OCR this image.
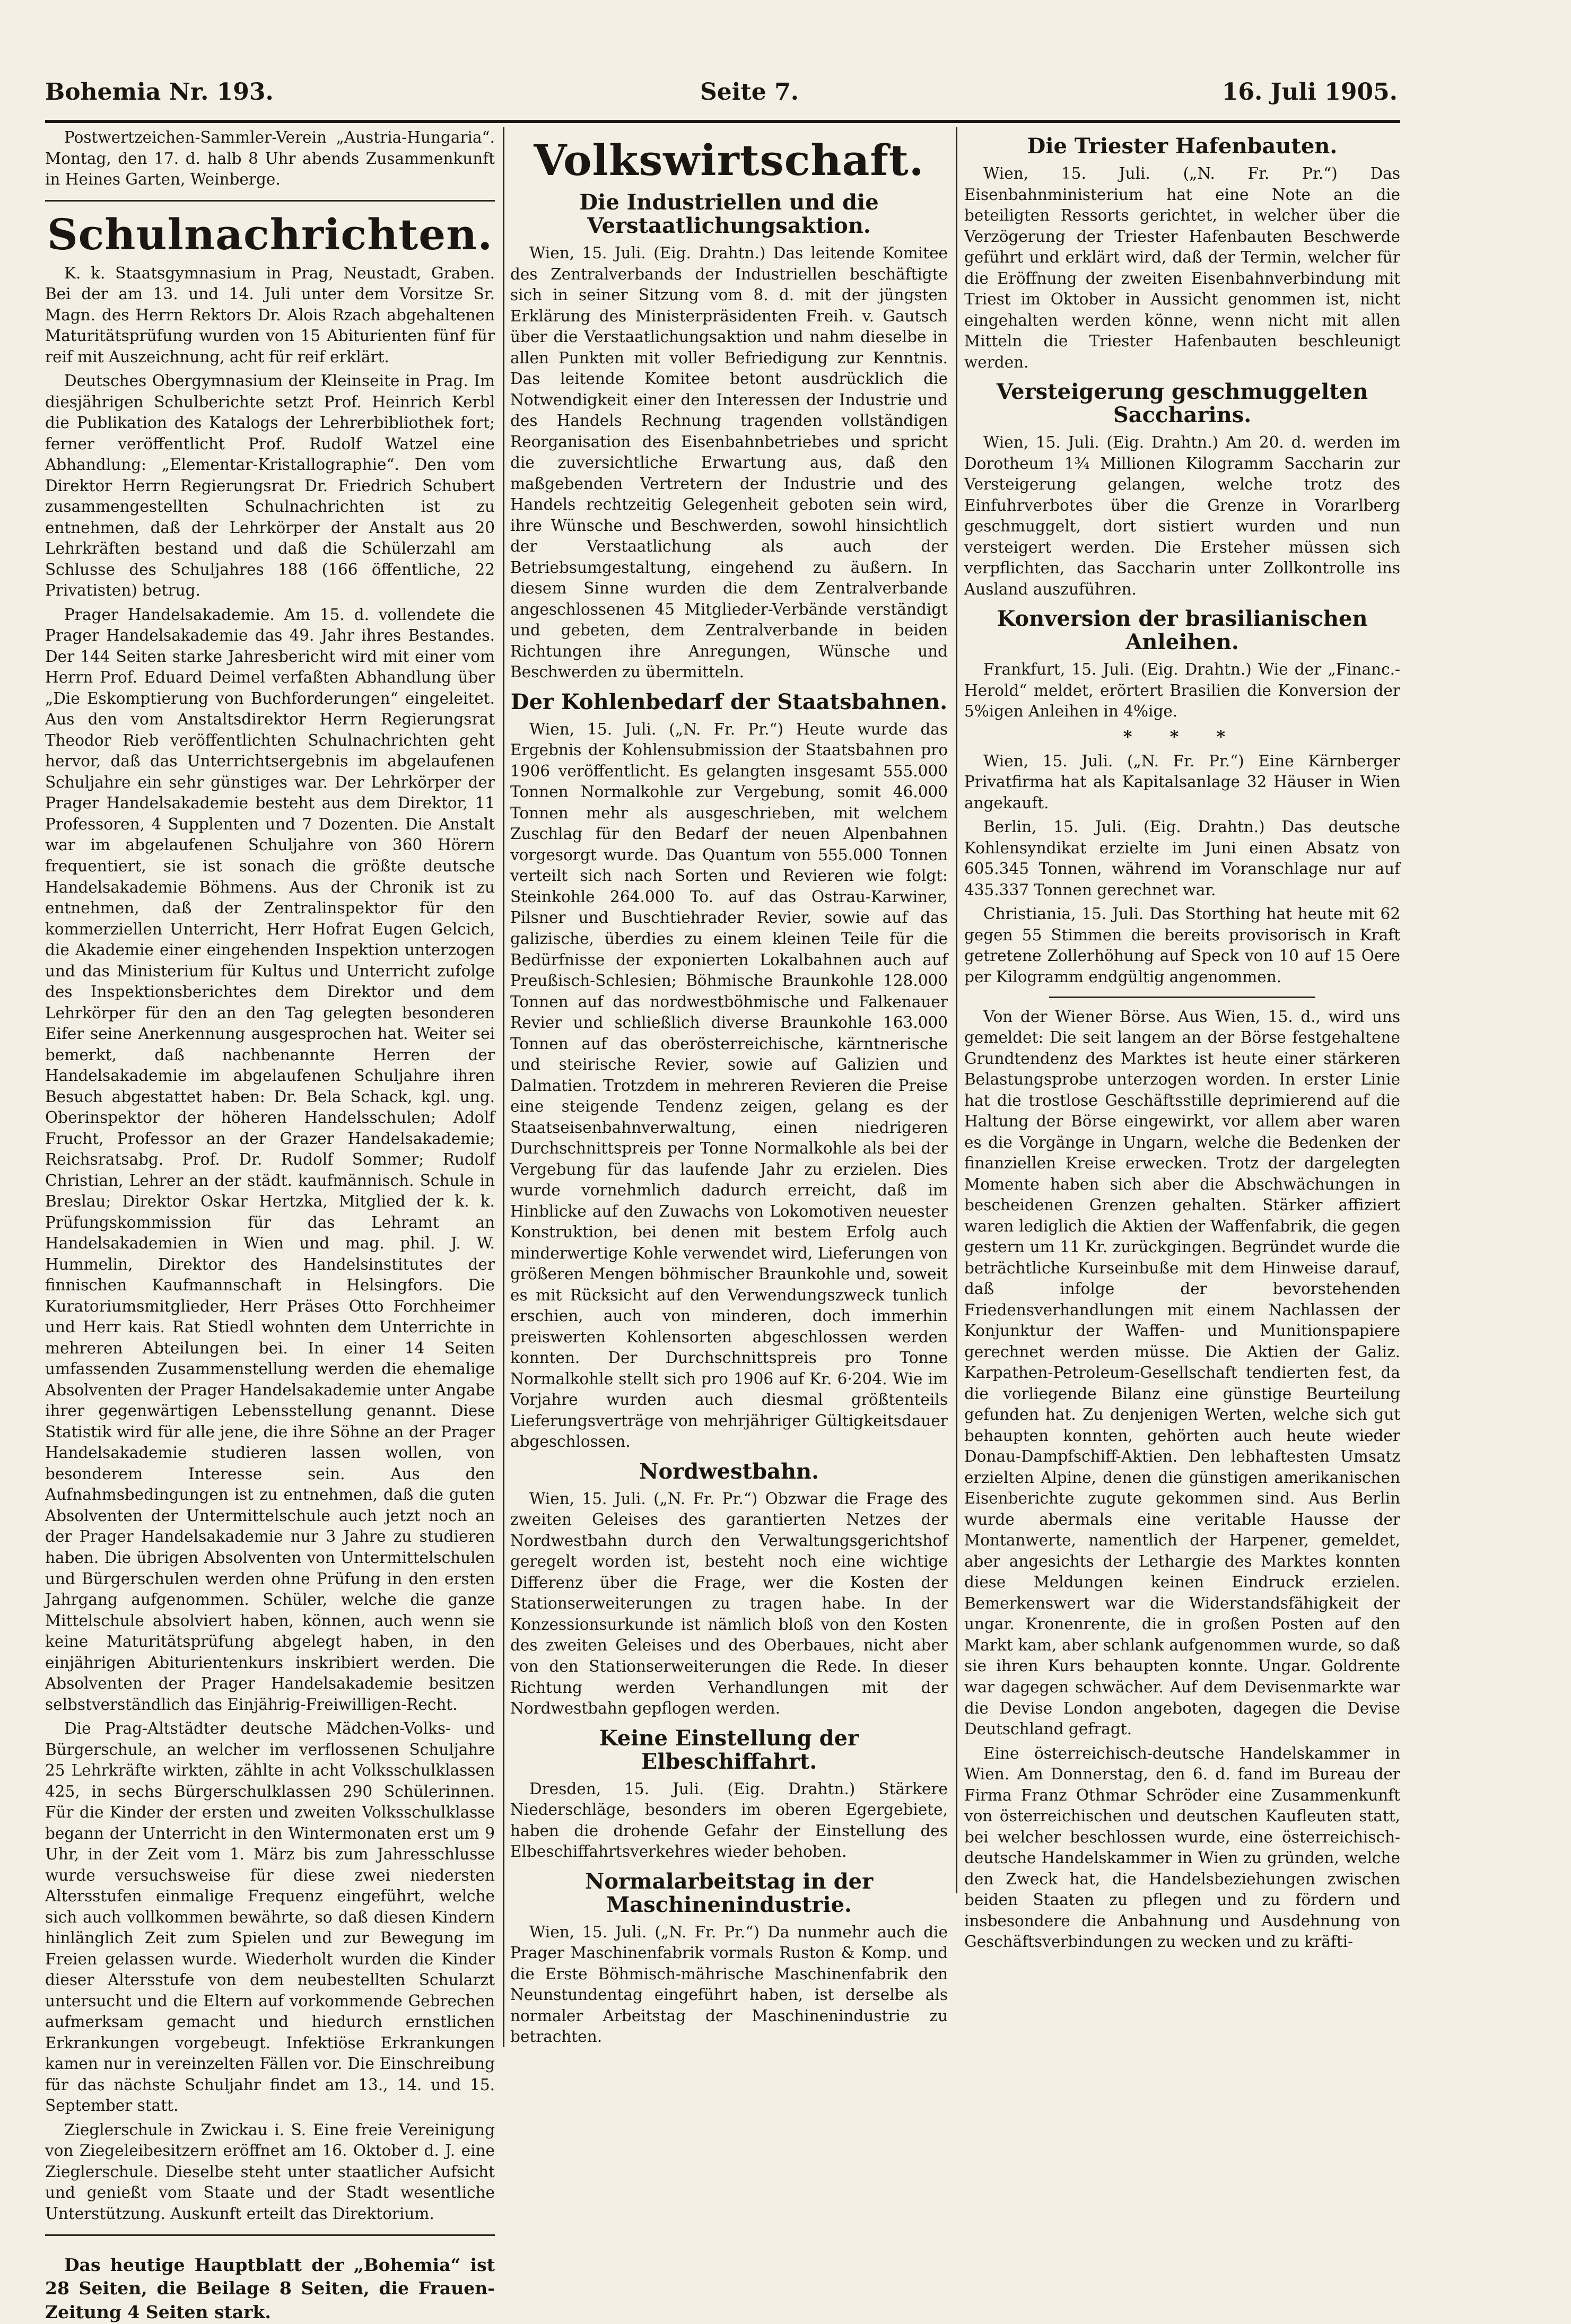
Bohemia Nr. 193.	Seite 7.	16. Juli 1905.

Postwertzeichen-Sammler-Verein „Austria-Hungaria“. Montag, den 17. d. halb 8 Uhr abends Zusammenkunft in Heines Garten, Weinberge.

Schulnachrichten.

K. k. Staatsgymnasium in Prag, Neustadt, Graben. Bei der am 13. und 14. Juli unter dem Vorsitze Sr. Magn. des Herrn Rektors Dr. Alois Rzach abgehaltenen Maturitätsprüfung wurden von 15 Abiturienten fünf für reif mit Auszeichnung, acht für reif erklärt.

Deutsches Obergymnasium der Kleinseite in Prag. Im diesjährigen Schulberichte setzt Prof. Heinrich Kerbl die Publikation des Katalogs der Lehrerbibliothek fort; ferner veröffentlicht Prof. Rudolf Watzel eine Abhandlung: „Elementar-Kristallographie“. Den vom Direktor Herrn Regierungsrat Dr. Friedrich Schubert zusammengestellten Schulnachrichten ist zu entnehmen, daß der Lehrkörper der Anstalt aus 20 Lehrkräften bestand und daß die Schülerzahl am Schlusse des Schuljahres 188 (166 öffentliche, 22 Privatisten) betrug.

Prager Handelsakademie. Am 15. d. vollendete die Prager Handelsakademie das 49. Jahr ihres Bestandes. Der 144 Seiten starke Jahresbericht wird mit einer vom Herrn Prof. Eduard Deimel verfaßten Abhandlung über „Die Eskomptierung von Buchforderungen“ eingeleitet. Aus den vom Anstaltsdirektor Herrn Regierungsrat Theodor Rieb veröffentlichten Schulnachrichten geht hervor, daß das Unterrichtsergebnis im abgelaufenen Schuljahre ein sehr günstiges war. Der Lehrkörper der Prager Handelsakademie besteht aus dem Direktor, 11 Professoren, 4 Supplenten und 7 Dozenten. Die Anstalt war im abgelaufenen Schuljahre von 360 Hörern frequentiert, sie ist sonach die größte deutsche Handelsakademie Böhmens. Aus der Chronik ist zu entnehmen, daß der Zentralinspektor für den kommerziellen Unterricht, Herr Hofrat Eugen Gelcich, die Akademie einer eingehenden Inspektion unterzogen und das Ministerium für Kultus und Unterricht zufolge des Inspektionsberichtes dem Direktor und dem Lehrkörper für den an den Tag gelegten besonderen Eifer seine Anerkennung ausgesprochen hat. Weiter sei bemerkt, daß nachbenannte Herren der Handelsakademie im abgelaufenen Schuljahre ihren Besuch abgestattet haben: Dr. Bela Schack, kgl. ung. Oberinspektor der höheren Handelsschulen; Adolf Frucht, Professor an der Grazer Handelsakademie; Reichsratsabg. Prof. Dr. Rudolf Sommer; Rudolf Christian, Lehrer an der städt. kaufmännisch. Schule in Breslau; Direktor Oskar Hertzka, Mitglied der k. k. Prüfungskommission für das Lehramt an Handelsakademien in Wien und mag. phil. J. W. Hummelin, Direktor des Handelsinstitutes der finnischen Kaufmannschaft in Helsingfors. Die Kuratoriumsmitglieder, Herr Präses Otto Forchheimer und Herr kais. Rat Stiedl wohnten dem Unterrichte in mehreren Abteilungen bei. In einer 14 Seiten umfassenden Zusammenstellung werden die ehemalige Absolventen der Prager Handelsakademie unter Angabe ihrer gegenwärtigen Lebensstellung genannt. Diese Statistik wird für alle jene, die ihre Söhne an der Prager Handelsakademie studieren lassen wollen, von besonderem Interesse sein. Aus den Aufnahmsbedingungen ist zu entnehmen, daß die guten Absolventen der Untermittelschule auch jetzt noch an der Prager Handelsakademie nur 3 Jahre zu studieren haben. Die übrigen Absolventen von Untermittelschulen und Bürgerschulen werden ohne Prüfung in den ersten Jahrgang aufgenommen. Schüler, welche die ganze Mittelschule absolviert haben, können, auch wenn sie keine Maturitätsprüfung abgelegt haben, in den einjährigen Abiturientenkurs inskribiert werden. Die Absolventen der Prager Handelsakademie besitzen selbstverständlich das Einjährig-Freiwilligen-Recht.

Die Prag-Altstädter deutsche Mädchen-Volks- und Bürgerschule, an welcher im verflossenen Schuljahre 25 Lehrkräfte wirkten, zählte in acht Volksschulklassen 425, in sechs Bürgerschulklassen 290 Schülerinnen. Für die Kinder der ersten und zweiten Volksschulklasse begann der Unterricht in den Wintermonaten erst um 9 Uhr, in der Zeit vom 1. März bis zum Jahresschlusse wurde versuchsweise für diese zwei niedersten Altersstufen einmalige Frequenz eingeführt, welche sich auch vollkommen bewährte, so daß diesen Kindern hinlänglich Zeit zum Spielen und zur Bewegung im Freien gelassen wurde. Wiederholt wurden die Kinder dieser Altersstufe von dem neubestellten Schularzt untersucht und die Eltern auf vorkommende Gebrechen aufmerksam gemacht und hiedurch ernstlichen Erkrankungen vorgebeugt. Infektiöse Erkrankungen kamen nur in vereinzelten Fällen vor. Die Einschreibung für das nächste Schuljahr findet am 13., 14. und 15. September statt.

Zieglerschule in Zwickau i. S. Eine freie Vereinigung von Ziegeleibesitzern eröffnet am 16. Oktober d. J. eine Zieglerschule. Dieselbe steht unter staatlicher Aufsicht und genießt vom Staate und der Stadt wesentliche Unterstützung. Auskunft erteilt das Direktorium.

Das heutige Hauptblatt der „Bohemia“ ist 28 Seiten, die Beilage 8 Seiten, die Frauen-Zeitung 4 Seiten stark.

Volkswirtschaft.
Die Industriellen und die Verstaatlichungsaktion.

Wien, 15. Juli. (Eig. Drahtn.) Das leitende Komitee des Zentralverbands der Industriellen beschäftigte sich in seiner Sitzung vom 8. d. mit der jüngsten Erklärung des Ministerpräsidenten Freih. v. Gautsch über die Verstaatlichungsaktion und nahm dieselbe in allen Punkten mit voller Befriedigung zur Kenntnis. Das leitende Komitee betont ausdrücklich die Notwendigkeit einer den Interessen der Industrie und des Handels Rechnung tragenden vollständigen Reorganisation des Eisenbahnbetriebes und spricht die zuversichtliche Erwartung aus, daß den maßgebenden Vertretern der Industrie und des Handels rechtzeitig Gelegenheit geboten sein wird, ihre Wünsche und Beschwerden, sowohl hinsichtlich der Verstaatlichung als auch der Betriebsumgestaltung, eingehend zu äußern. In diesem Sinne wurden die dem Zentralverbande angeschlossenen 45 Mitglieder-Verbände verständigt und gebeten, dem Zentralverbande in beiden Richtungen ihre Anregungen, Wünsche und Beschwerden zu übermitteln.

Der Kohlenbedarf der Staatsbahnen.

Wien, 15. Juli. („N. Fr. Pr.“) Heute wurde das Ergebnis der Kohlensubmission der Staatsbahnen pro 1906 veröffentlicht. Es gelangten insgesamt 555.000 Tonnen Normalkohle zur Vergebung, somit 46.000 Tonnen mehr als ausgeschrieben, mit welchem Zuschlag für den Bedarf der neuen Alpenbahnen vorgesorgt wurde. Das Quantum von 555.000 Tonnen verteilt sich nach Sorten und Revieren wie folgt: Steinkohle 264.000 To. auf das Ostrau-Karwiner, Pilsner und Buschtiehrader Revier, sowie auf das galizische, überdies zu einem kleinen Teile für die Bedürfnisse der exponierten Lokalbahnen auch auf Preußisch-Schlesien; Böhmische Braunkohle 128.000 Tonnen auf das nordwestböhmische und Falkenauer Revier und schließlich diverse Braunkohle 163.000 Tonnen auf das oberösterreichische, kärntnerische und steirische Revier, sowie auf Galizien und Dalmatien. Trotzdem in mehreren Revieren die Preise eine steigende Tendenz zeigen, gelang es der Staatseisenbahnverwaltung, einen niedrigeren Durchschnittspreis per Tonne Normalkohle als bei der Vergebung für das laufende Jahr zu erzielen. Dies wurde vornehmlich dadurch erreicht, daß im Hinblicke auf den Zuwachs von Lokomotiven neuester Konstruktion, bei denen mit bestem Erfolg auch minderwertige Kohle verwendet wird, Lieferungen von größeren Mengen böhmischer Braunkohle und, soweit es mit Rücksicht auf den Verwendungszweck tunlich erschien, auch von minderen, doch immerhin preiswerten Kohlensorten abgeschlossen werden konnten. Der Durchschnittspreis pro Tonne Normalkohle stellt sich pro 1906 auf Kr. 6·204. Wie im Vorjahre wurden auch diesmal größtenteils Lieferungsverträge von mehrjähriger Gültigkeitsdauer abgeschlossen.

Nordwestbahn.

Wien, 15. Juli. („N. Fr. Pr.“) Obzwar die Frage des zweiten Geleises des garantierten Netzes der Nordwestbahn durch den Verwaltungsgerichtshof geregelt worden ist, besteht noch eine wichtige Differenz über die Frage, wer die Kosten der Stationserweiterungen zu tragen habe. In der Konzessionsurkunde ist nämlich bloß von den Kosten des zweiten Geleises und des Oberbaues, nicht aber von den Stationserweiterungen die Rede. In dieser Richtung werden Verhandlungen mit der Nordwestbahn gepflogen werden.

Keine Einstellung der Elbeschiffahrt.

Dresden, 15. Juli. (Eig. Drahtn.) Stärkere Niederschläge, besonders im oberen Egergebiete, haben die drohende Gefahr der Einstellung des Elbeschiffahrtsverkehres wieder behoben.

Normalarbeitstag in der Maschinenindustrie.

Wien, 15. Juli. („N. Fr. Pr.“) Da nunmehr auch die Prager Maschinenfabrik vormals Ruston & Komp. und die Erste Böhmisch-mährische Maschinenfabrik den Neunstundentag eingeführt haben, ist derselbe als normaler Arbeitstag der Maschinenindustrie zu betrachten.

Die Triester Hafenbauten.

Wien, 15. Juli. („N. Fr. Pr.“) Das Eisenbahnministerium hat eine Note an die beteiligten Ressorts gerichtet, in welcher über die Verzögerung der Triester Hafenbauten Beschwerde geführt und erklärt wird, daß der Termin, welcher für die Eröffnung der zweiten Eisenbahnverbindung mit Triest im Oktober in Aussicht genommen ist, nicht eingehalten werden könne, wenn nicht mit allen Mitteln die Triester Hafenbauten beschleunigt werden.

Versteigerung geschmuggelten Saccharins.

Wien, 15. Juli. (Eig. Drahtn.) Am 20. d. werden im Dorotheum 1¾ Millionen Kilogramm Saccharin zur Versteigerung gelangen, welche trotz des Einfuhrverbotes über die Grenze in Vorarlberg geschmuggelt, dort sistiert wurden und nun versteigert werden. Die Ersteher müssen sich verpflichten, das Saccharin unter Zollkontrolle ins Ausland auszuführen.

Konversion der brasilianischen Anleihen.

Frankfurt, 15. Juli. (Eig. Drahtn.) Wie der „Financ.-Herold“ meldet, erörtert Brasilien die Konversion der 5%igen Anleihen in 4%ige.

* * *

Wien, 15. Juli. („N. Fr. Pr.“) Eine Kärnberger Privatfirma hat als Kapitalsanlage 32 Häuser in Wien angekauft.

Berlin, 15. Juli. (Eig. Drahtn.) Das deutsche Kohlensyndikat erzielte im Juni einen Absatz von 605.345 Tonnen, während im Voranschlage nur auf 435.337 Tonnen gerechnet war.

Christiania, 15. Juli. Das Storthing hat heute mit 62 gegen 55 Stimmen die bereits provisorisch in Kraft getretene Zollerhöhung auf Speck von 10 auf 15 Oere per Kilogramm endgültig angenommen.

Von der Wiener Börse. Aus Wien, 15. d., wird uns gemeldet: Die seit langem an der Börse festgehaltene Grundtendenz des Marktes ist heute einer stärkeren Belastungsprobe unterzogen worden. In erster Linie hat die trostlose Geschäftsstille deprimierend auf die Haltung der Börse eingewirkt, vor allem aber waren es die Vorgänge in Ungarn, welche die Bedenken der finanziellen Kreise erwecken. Trotz der dargelegten Momente haben sich aber die Abschwächungen in bescheidenen Grenzen gehalten. Stärker affiziert waren lediglich die Aktien der Waffenfabrik, die gegen gestern um 11 Kr. zurückgingen. Begründet wurde die beträchtliche Kurseinbuße mit dem Hinweise darauf, daß infolge der bevorstehenden Friedensverhandlungen mit einem Nachlassen der Konjunktur der Waffen- und Munitionspapiere gerechnet werden müsse. Die Aktien der Galiz. Karpathen-Petroleum-Gesellschaft tendierten fest, da die vorliegende Bilanz eine günstige Beurteilung gefunden hat. Zu denjenigen Werten, welche sich gut behaupten konnten, gehörten auch heute wieder Donau-Dampfschiff-Aktien. Den lebhaftesten Umsatz erzielten Alpine, denen die günstigen amerikanischen Eisenberichte zugute gekommen sind. Aus Berlin wurde abermals eine veritable Hausse der Montanwerte, namentlich der Harpener, gemeldet, aber angesichts der Lethargie des Marktes konnten diese Meldungen keinen Eindruck erzielen. Bemerkenswert war die Widerstandsfähigkeit der ungar. Kronenrente, die in großen Posten auf den Markt kam, aber schlank aufgenommen wurde, so daß sie ihren Kurs behaupten konnte. Ungar. Goldrente war dagegen schwächer. Auf dem Devisenmarkte war die Devise London angeboten, dagegen die Devise Deutschland gefragt.

Eine österreichisch-deutsche Handelskammer in Wien. Am Donnerstag, den 6. d. fand im Bureau der Firma Franz Othmar Schröder eine Zusammenkunft von österreichischen und deutschen Kaufleuten statt, bei welcher beschlossen wurde, eine österreichisch-deutsche Handelskammer in Wien zu gründen, welche den Zweck hat, die Handelsbeziehungen zwischen beiden Staaten zu pflegen und zu fördern und insbesondere die Anbahnung und Ausdehnung von Geschäftsverbindungen zu wecken und zu kräfti-
